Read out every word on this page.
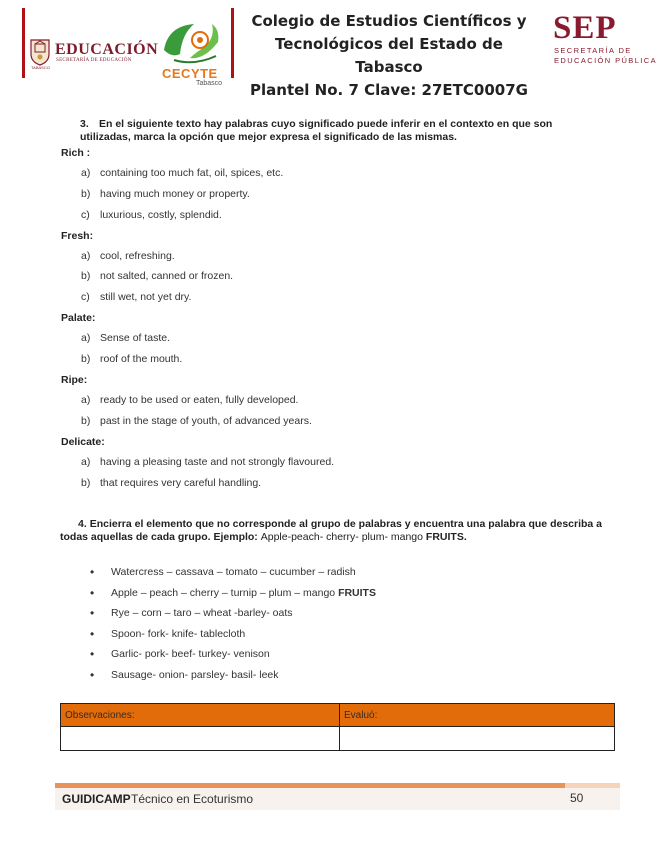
EDUCACIÓN
SECRETARÍA DE EDUCACIÓN
TABASCO	CECYTE
Tabasco
Colegio de Estudios Científicos y
Tecnológicos del Estado de Tabasco
Plantel No. 7 Clave: 27ETC0007G
SEP
SECRETARÍA DE
EDUCACIÓN PÚBLICA
3. En el siguiente texto hay palabras cuyo significado puede inferir en el contexto en que son utilizadas, marca la opción que mejor expresa el significado de las mismas.
Rich :
a) containing too much fat, oil, spices, etc.
b) having much money or property.
c) luxurious, costly, splendid.
Fresh:
a) cool, refreshing.
b) not salted, canned or frozen.
c) still wet, not yet dry.
Palate:
a) Sense of taste.
b) roof of the mouth.
Ripe:
a) ready to be used or eaten, fully developed.
b) past in the stage of youth, of advanced years.
Delicate:
a) having a pleasing taste and not strongly flavoured.
b) that requires very careful handling.
4. Encierra el elemento que no corresponde al grupo de palabras y encuentra una palabra que describa a todas aquellas de cada grupo. Ejemplo: Apple-peach- cherry- plum- mango FRUITS.
• Watercress – cassava – tomato – cucumber – radish
• Apple – peach – cherry – turnip – plum – mango FRUITS
• Rye – corn – taro – wheat -barley- oats
• Spoon- fork- knife- tablecloth
• Garlic- pork- beef- turkey- venison
• Sausage- onion- parsley- basil- leek
Observaciones:	Evaluó:

GUIDICAMP Técnico en Ecoturismo	50
